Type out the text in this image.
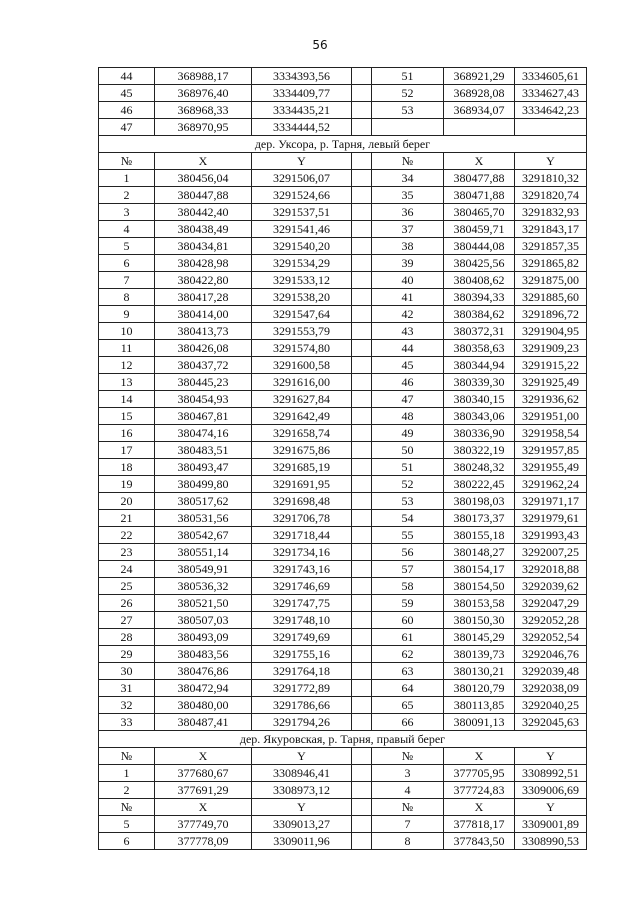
56
44	368988,17	3334393,56		51	368921,29	3334605,61
45	368976,40	3334409,77		52	368928,08	3334627,43
46	368968,33	3334435,21		53	368934,07	3334642,23
47	368970,95	3334444,52				
дер. Уксора, р. Тарня, левый берег						
№	X	Y		№	X	Y
1	380456,04	3291506,07		34	380477,88	3291810,32
2	380447,88	3291524,66		35	380471,88	3291820,74
3	380442,40	3291537,51		36	380465,70	3291832,93
4	380438,49	3291541,46		37	380459,71	3291843,17
5	380434,81	3291540,20		38	380444,08	3291857,35
6	380428,98	3291534,29		39	380425,56	3291865,82
7	380422,80	3291533,12		40	380408,62	3291875,00
8	380417,28	3291538,20		41	380394,33	3291885,60
9	380414,00	3291547,64		42	380384,62	3291896,72
10	380413,73	3291553,79		43	380372,31	3291904,95
11	380426,08	3291574,80		44	380358,63	3291909,23
12	380437,72	3291600,58		45	380344,94	3291915,22
13	380445,23	3291616,00		46	380339,30	3291925,49
14	380454,93	3291627,84		47	380340,15	3291936,62
15	380467,81	3291642,49		48	380343,06	3291951,00
16	380474,16	3291658,74		49	380336,90	3291958,54
17	380483,51	3291675,86		50	380322,19	3291957,85
18	380493,47	3291685,19		51	380248,32	3291955,49
19	380499,80	3291691,95		52	380222,45	3291962,24
20	380517,62	3291698,48		53	380198,03	3291971,17
21	380531,56	3291706,78		54	380173,37	3291979,61
22	380542,67	3291718,44		55	380155,18	3291993,43
23	380551,14	3291734,16		56	380148,27	3292007,25
24	380549,91	3291743,16		57	380154,17	3292018,88
25	380536,32	3291746,69		58	380154,50	3292039,62
26	380521,50	3291747,75		59	380153,58	3292047,29
27	380507,03	3291748,10		60	380150,30	3292052,28
28	380493,09	3291749,69		61	380145,29	3292052,54
29	380483,56	3291755,16		62	380139,73	3292046,76
30	380476,86	3291764,18		63	380130,21	3292039,48
31	380472,94	3291772,89		64	380120,79	3292038,09
32	380480,00	3291786,66		65	380113,85	3292040,25
33	380487,41	3291794,26		66	380091,13	3292045,63
дер. Якуровская, р. Тарня, правый берег						
№	X	Y		№	X	Y
1	377680,67	3308946,41		3	377705,95	3308992,51
2	377691,29	3308973,12		4	377724,83	3309006,69
№	X	Y		№	X	Y
5	377749,70	3309013,27		7	377818,17	3309001,89
6	377778,09	3309011,96		8	377843,50	3308990,53
